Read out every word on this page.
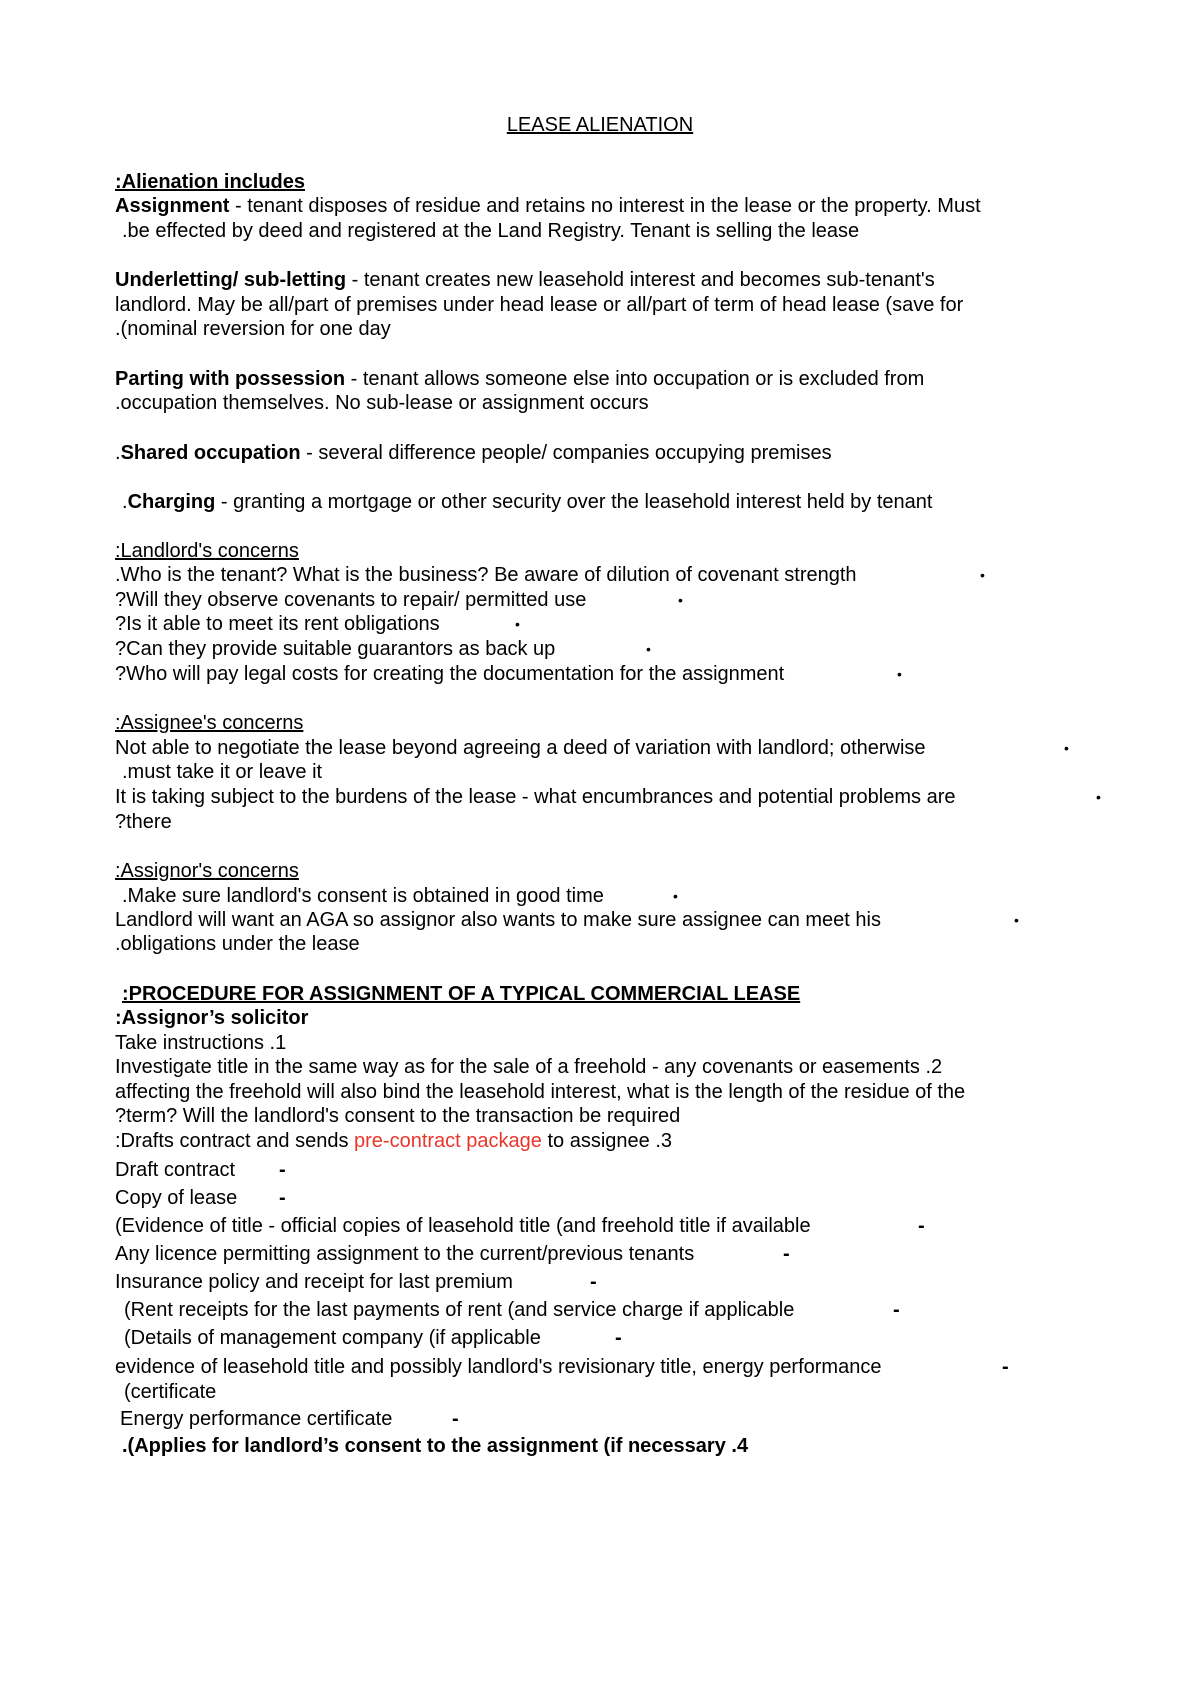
LEASE ALIENATION
:Alienation includes
Assignment - tenant disposes of residue and retains no interest in the lease or the property. Must
.be effected by deed and registered at the Land Registry. Tenant is selling the lease
Underletting/ sub-letting - tenant creates new leasehold interest and becomes sub-tenant's
landlord. May be all/part of premises under head lease or all/part of term of head lease (save for
.(nominal reversion for one day
Parting with possession - tenant allows someone else into occupation or is excluded from
.occupation themselves. No sub-lease or assignment occurs
.Shared occupation - several difference people/ companies occupying premises
.Charging - granting a mortgage or other security over the leasehold interest held by tenant
:Landlord's concerns
.Who is the tenant? What is the business? Be aware of dilution of covenant strength	•
?Will they observe covenants to repair/ permitted use	•
?Is it able to meet its rent obligations	•
?Can they provide suitable guarantors as back up	•
?Who will pay legal costs for creating the documentation for the assignment	•
:Assignee's concerns
Not able to negotiate the lease beyond agreeing a deed of variation with landlord; otherwise	•
.must take it or leave it
It is taking subject to the burdens of the lease - what encumbrances and potential problems are	•
?there
:Assignor's concerns
.Make sure landlord's consent is obtained in good time	•
Landlord will want an AGA so assignor also wants to make sure assignee can meet his	•
.obligations under the lease
:PROCEDURE FOR ASSIGNMENT OF A TYPICAL COMMERCIAL LEASE
:Assignor’s solicitor
Take instructions .1
Investigate title in the same way as for the sale of a freehold - any covenants or easements .2
affecting the freehold will also bind the leasehold interest, what is the length of the residue of the
?term? Will the landlord's consent to the transaction be required
:Drafts contract and sends pre-contract package to assignee .3
Draft contract -
Copy of lease -
(Evidence of title - official copies of leasehold title (and freehold title if available	-
Any licence permitting assignment to the current/previous tenants	-
Insurance policy and receipt for last premium	-
(Rent receipts for the last payments of rent (and service charge if applicable	-
(Details of management company (if applicable	-
evidence of leasehold title and possibly landlord's revisionary title, energy performance	-
(certificate
Energy performance certificate	-
.(Applies for landlord’s consent to the assignment (if necessary .4
